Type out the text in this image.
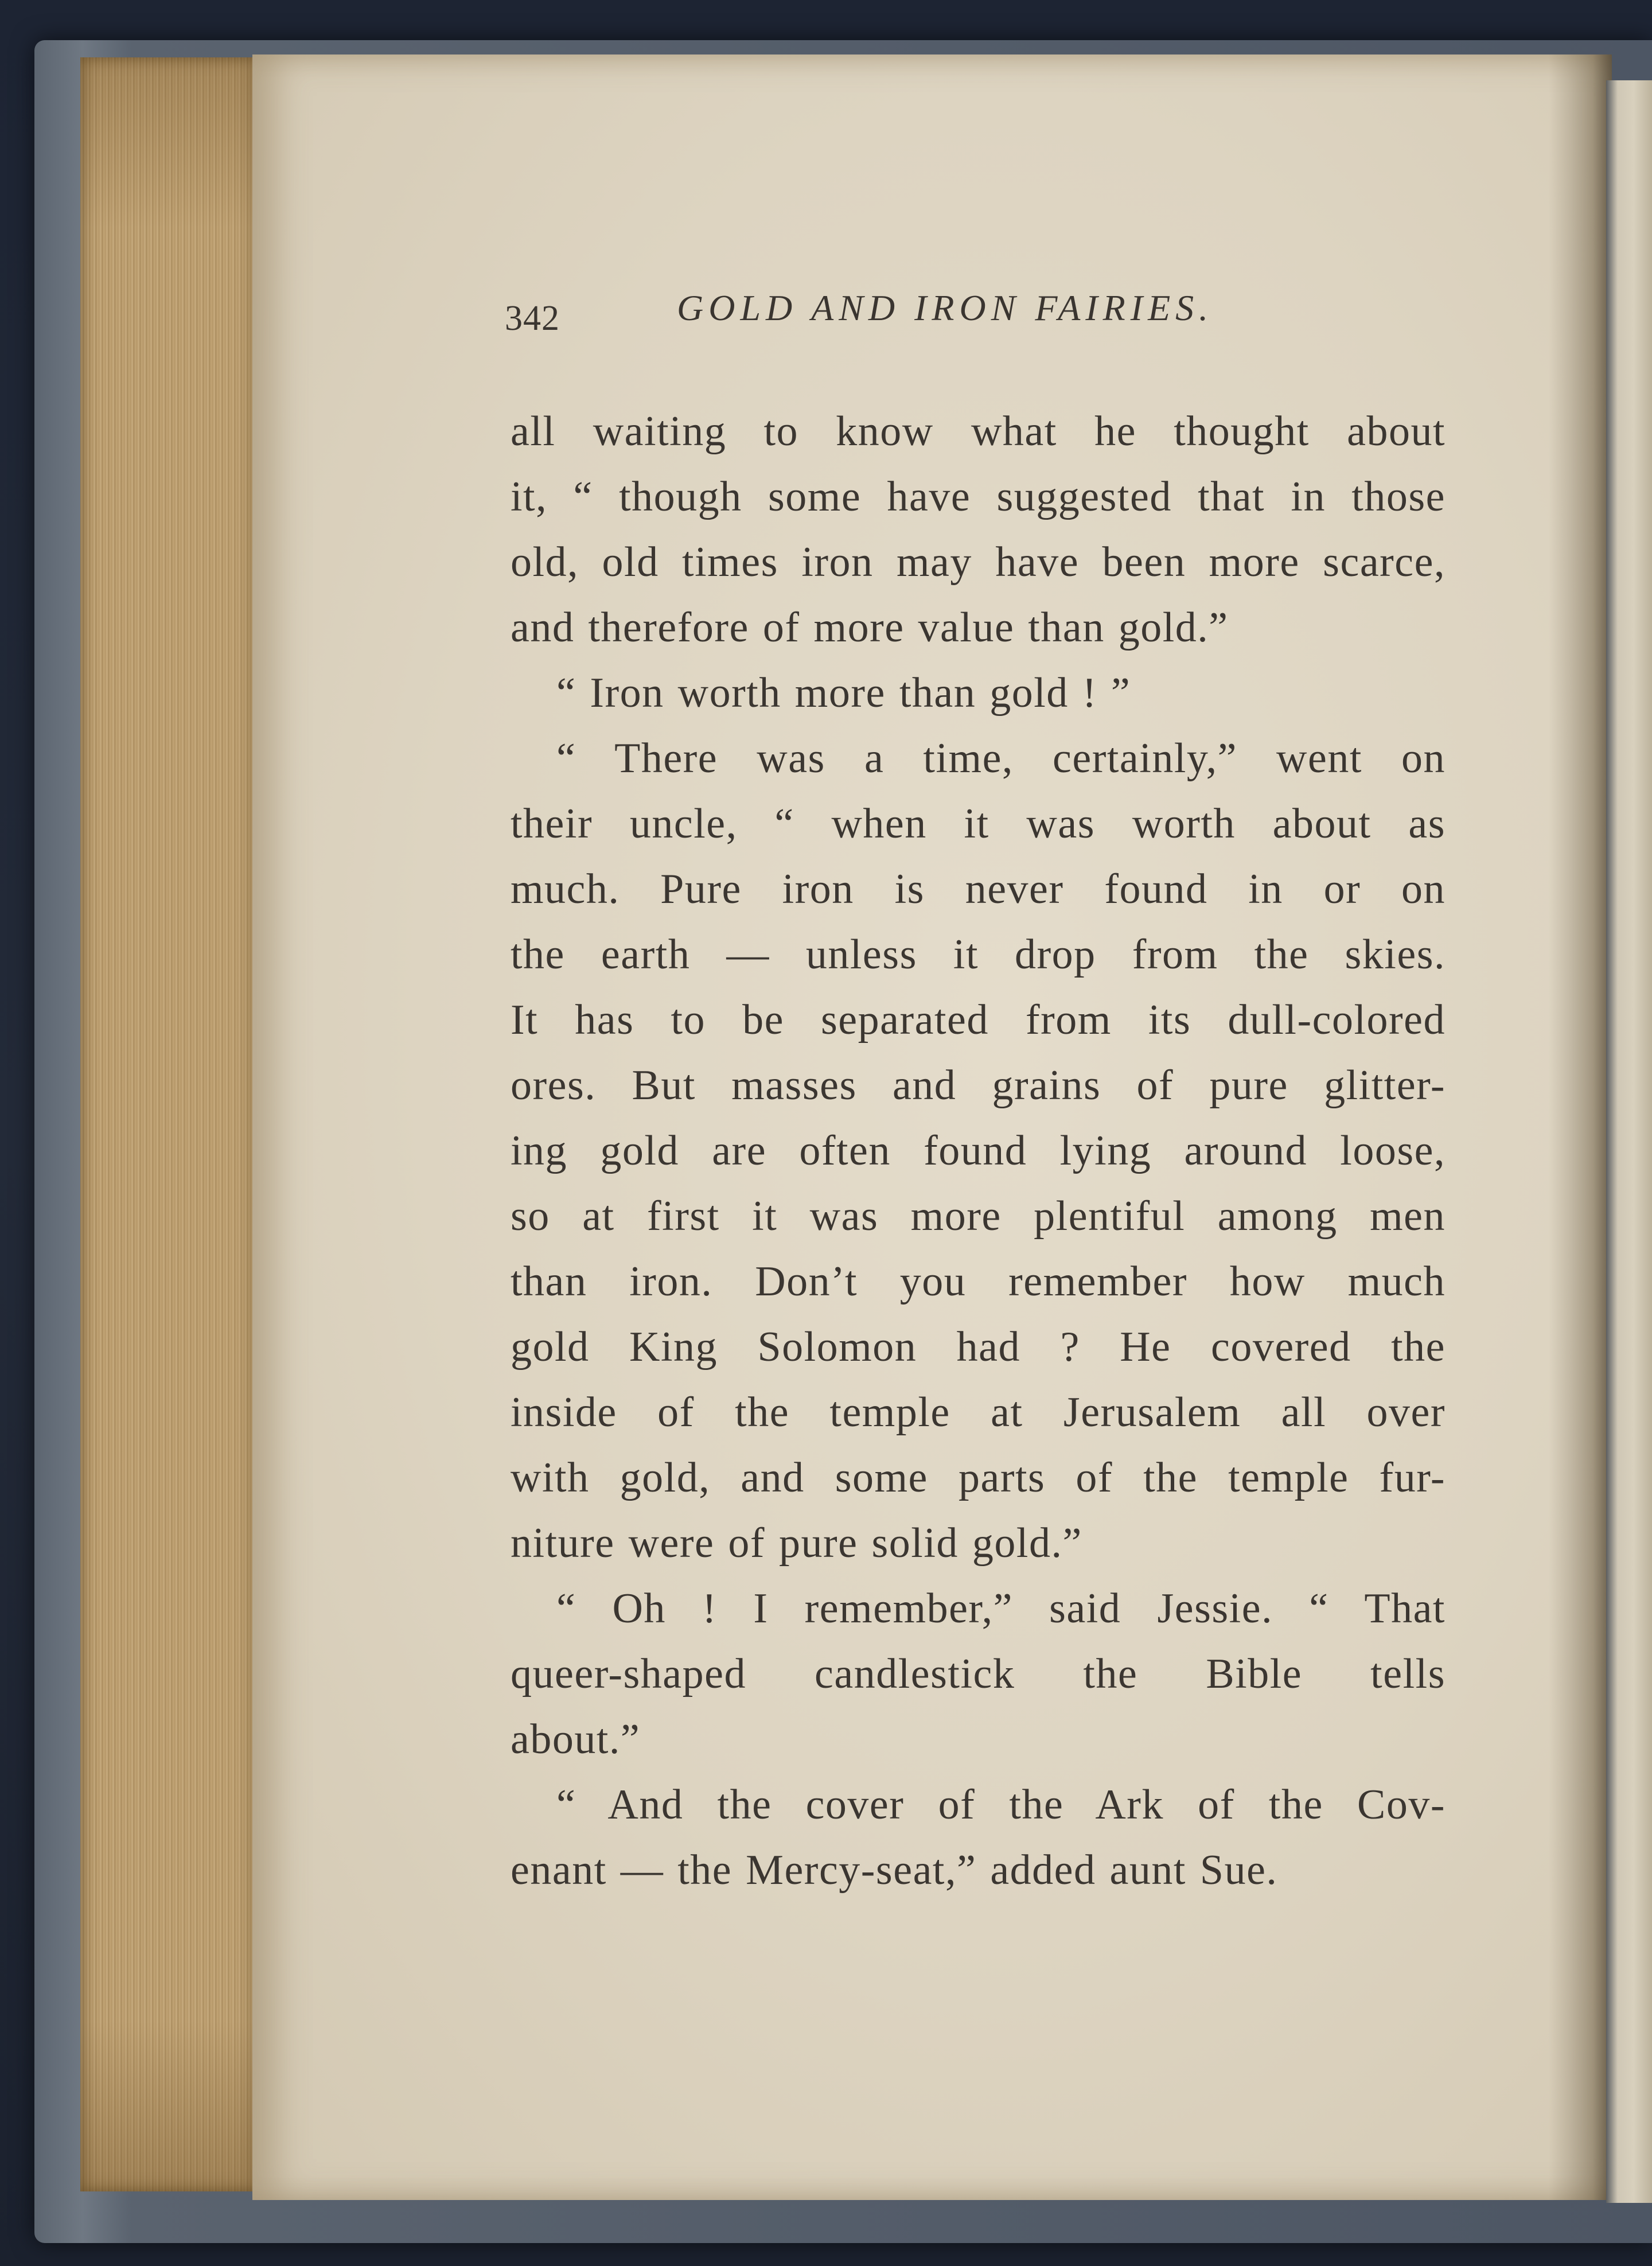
342	GOLD AND IRON FAIRIES.
all waiting to know what he thought about
it, “ though some have suggested that in those
old, old times iron may have been more scarce,
and therefore of more value than gold.”
“ Iron worth more than gold ! ”
“ There was a time, certainly,” went on
their uncle, “ when it was worth about as
much. Pure iron is never found in or on
the earth — unless it drop from the skies.
It has to be separated from its dull-colored
ores. But masses and grains of pure glitter-
ing gold are often found lying around loose,
so at first it was more plentiful among men
than iron. Don’t you remember how much
gold King Solomon had ? He covered the
inside of the temple at Jerusalem all over
with gold, and some parts of the temple fur-
niture were of pure solid gold.”
“ Oh ! I remember,” said Jessie. “ That
queer-shaped candlestick the Bible tells
about.”
“ And the cover of the Ark of the Cov-
enant — the Mercy-seat,” added aunt Sue.
